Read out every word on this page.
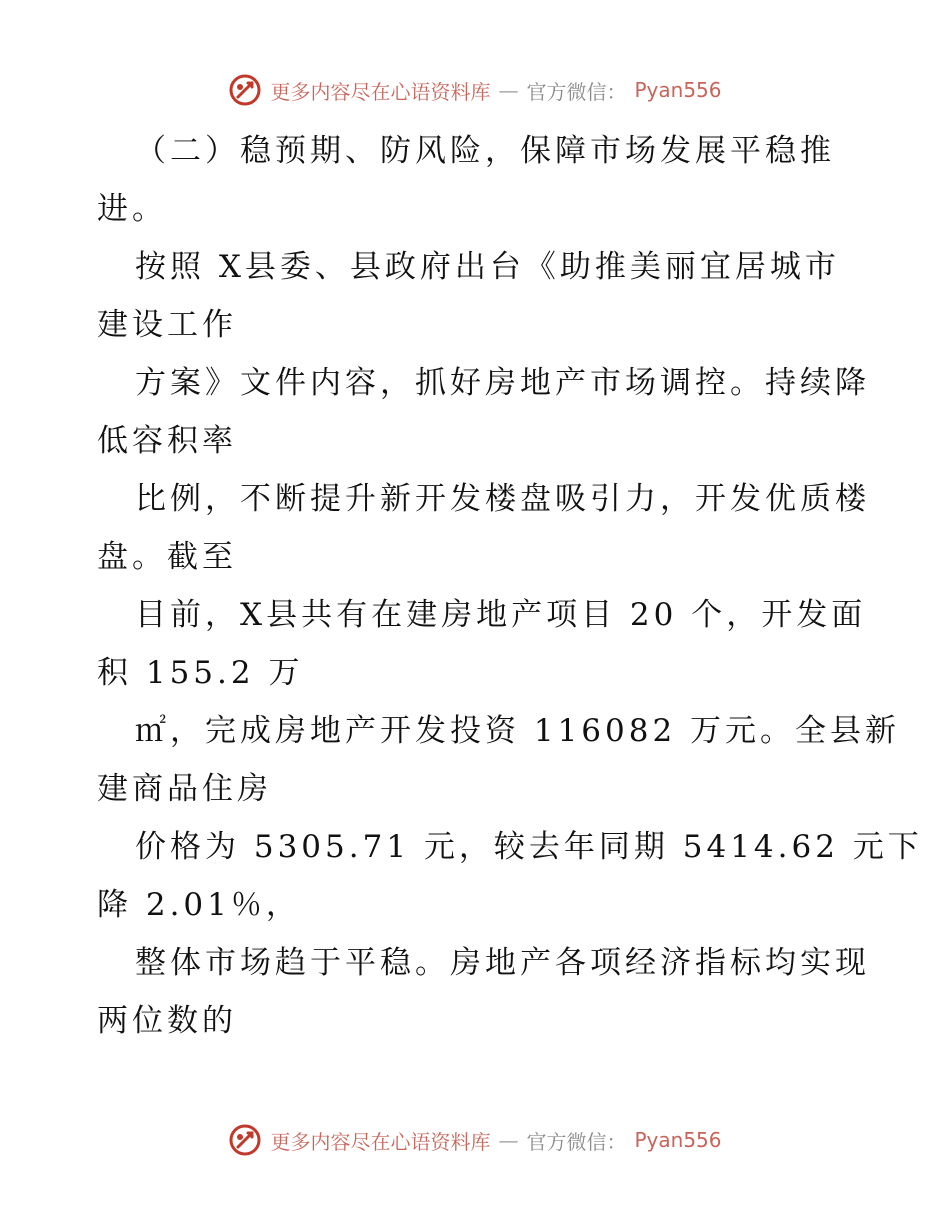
更多内容尽在心语资料库 — 官方微信： Pyan556
（二）稳预期、防风险，保障市场发展平稳推
进。
按照 X县委、县政府出台《助推美丽宜居城市
建设工作
方案》文件内容，抓好房地产市场调控。持续降
低容积率
比例，不断提升新开发楼盘吸引力，开发优质楼
盘。截至
目前，X县共有在建房地产项目 20 个，开发面
积 155.2 万
㎡，完成房地产开发投资 116082 万元。全县新
建商品住房
价格为 5305.71 元，较去年同期 5414.62 元下
降 2.01％，
整体市场趋于平稳。房地产各项经济指标均实现
两位数的
更多内容尽在心语资料库 — 官方微信： Pyan556
